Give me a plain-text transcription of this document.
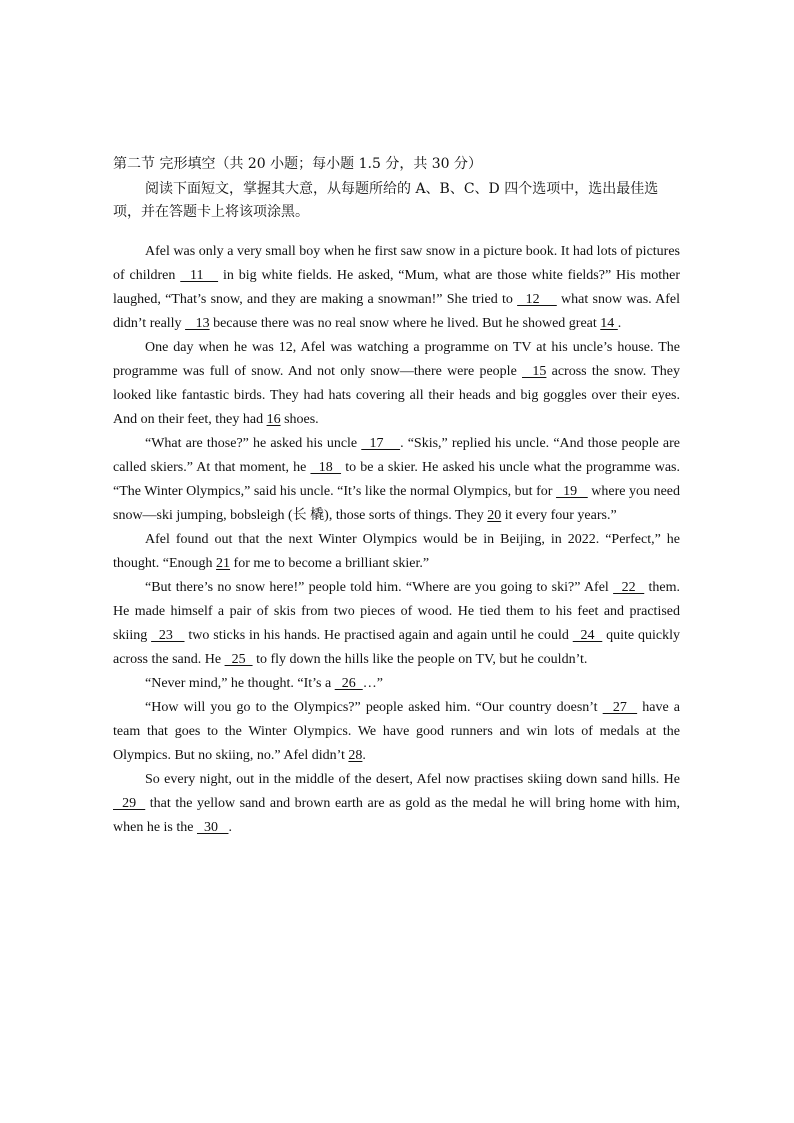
第二节 完形填空（共 20 小题；每小题 1.5 分，共 30 分）
阅读下面短文，掌握其大意，从每题所给的 A、B、C、D 四个选项中，选出最佳选项，并在答题卡上将该项涂黑。

Afel was only a very small boy when he first saw snow in a picture book. It had lots of pictures of children   11    in big white fields. He asked, “Mum, what are those white fields?” His mother laughed, “That’s snow, and they are making a snowman!” She tried to   12     what snow was. Afel didn’t really    13 because there was no real snow where he lived. But he showed great 14 .

One day when he was 12, Afel was watching a programme on TV at his uncle’s house. The programme was full of snow. And not only snow—there were people   15 across the snow. They looked like fantastic birds. They had hats covering all their heads and big goggles over their eyes. And on their feet, they had 16 shoes.

“What are those?” he asked his uncle   17    . “Skis,” replied his uncle. “And those people are called skiers.” At that moment, he   18   to be a skier. He asked his uncle what the programme was. “The Winter Olympics,” said his uncle. “It’s like the normal Olympics, but for   19    where you need snow—ski jumping, bobsleigh (长 橇), those sorts of things. They 20 it every four years.”

Afel found out that the next Winter Olympics would be in Beijing, in 2022. “Perfect,” he thought. “Enough 21 for me to become a brilliant skier.”

“But there’s no snow here!” people told him. “Where are you going to ski?” Afel   22   them. He made himself a pair of skis from two pieces of wood. He tied them to his feet and practised skiing   23    two sticks in his hands. He practised again and again until he could   24   quite quickly across the sand. He   25   to fly down the hills like the people on TV, but he couldn’t.

“Never mind,” he thought. “It’s a   26  …”

“How will you go to the Olympics?” people asked him. “Our country doesn’t   27   have a team that goes to the Winter Olympics. We have good runners and win lots of medals at the Olympics. But no skiing, no.” Afel didn’t 28.

So every night, out in the middle of the desert, Afel now practises skiing down sand hills. He   29   that the yellow sand and brown earth are as gold as the medal he will bring home with him, when he is the   30   .
